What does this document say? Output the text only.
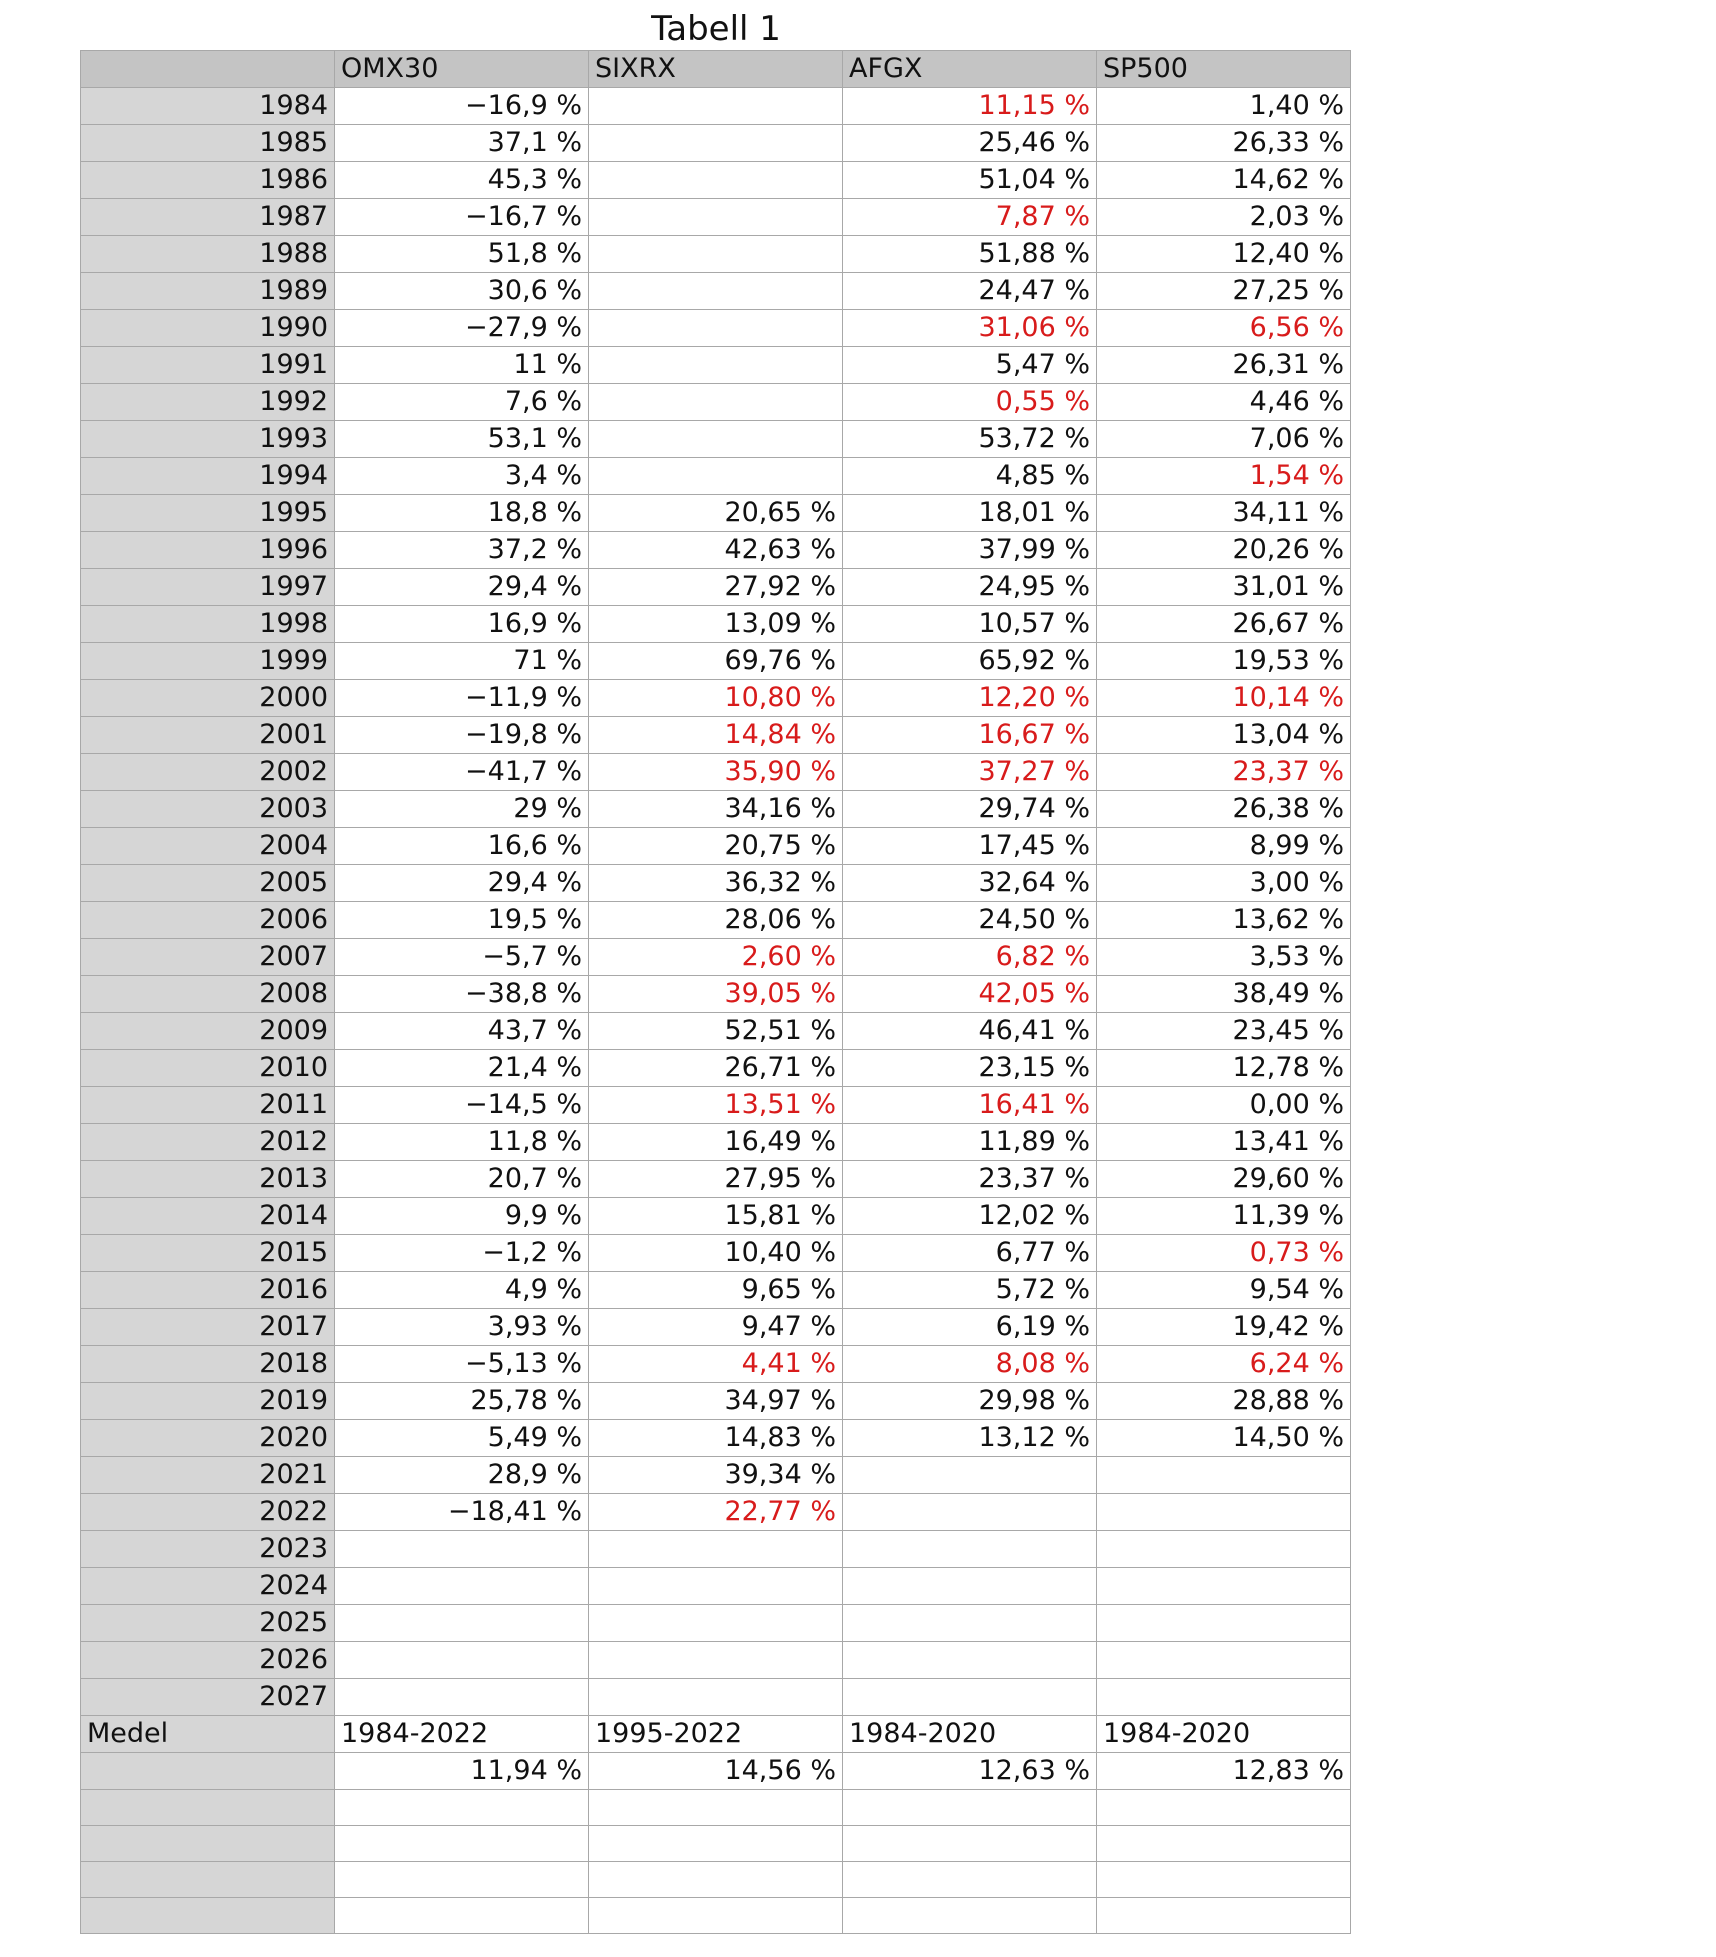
Tabell 1
	OMX30	SIXRX	AFGX	SP500
1984	−16,9 %		11,15 %	1,40 %
1985	37,1 %		25,46 %	26,33 %
1986	45,3 %		51,04 %	14,62 %
1987	−16,7 %		7,87 %	2,03 %
1988	51,8 %		51,88 %	12,40 %
1989	30,6 %		24,47 %	27,25 %
1990	−27,9 %		31,06 %	6,56 %
1991	11 %		5,47 %	26,31 %
1992	7,6 %		0,55 %	4,46 %
1993	53,1 %		53,72 %	7,06 %
1994	3,4 %		4,85 %	1,54 %
1995	18,8 %	20,65 %	18,01 %	34,11 %
1996	37,2 %	42,63 %	37,99 %	20,26 %
1997	29,4 %	27,92 %	24,95 %	31,01 %
1998	16,9 %	13,09 %	10,57 %	26,67 %
1999	71 %	69,76 %	65,92 %	19,53 %
2000	−11,9 %	10,80 %	12,20 %	10,14 %
2001	−19,8 %	14,84 %	16,67 %	13,04 %
2002	−41,7 %	35,90 %	37,27 %	23,37 %
2003	29 %	34,16 %	29,74 %	26,38 %
2004	16,6 %	20,75 %	17,45 %	8,99 %
2005	29,4 %	36,32 %	32,64 %	3,00 %
2006	19,5 %	28,06 %	24,50 %	13,62 %
2007	−5,7 %	2,60 %	6,82 %	3,53 %
2008	−38,8 %	39,05 %	42,05 %	38,49 %
2009	43,7 %	52,51 %	46,41 %	23,45 %
2010	21,4 %	26,71 %	23,15 %	12,78 %
2011	−14,5 %	13,51 %	16,41 %	0,00 %
2012	11,8 %	16,49 %	11,89 %	13,41 %
2013	20,7 %	27,95 %	23,37 %	29,60 %
2014	9,9 %	15,81 %	12,02 %	11,39 %
2015	−1,2 %	10,40 %	6,77 %	0,73 %
2016	4,9 %	9,65 %	5,72 %	9,54 %
2017	3,93 %	9,47 %	6,19 %	19,42 %
2018	−5,13 %	4,41 %	8,08 %	6,24 %
2019	25,78 %	34,97 %	29,98 %	28,88 %
2020	5,49 %	14,83 %	13,12 %	14,50 %
2021	28,9 %	39,34 %		
2022	−18,41 %	22,77 %		
2023				
2024				
2025				
2026				
2027				
Medel	1984-2022	1995-2022	1984-2020	1984-2020
	11,94 %	14,56 %	12,63 %	12,83 %
